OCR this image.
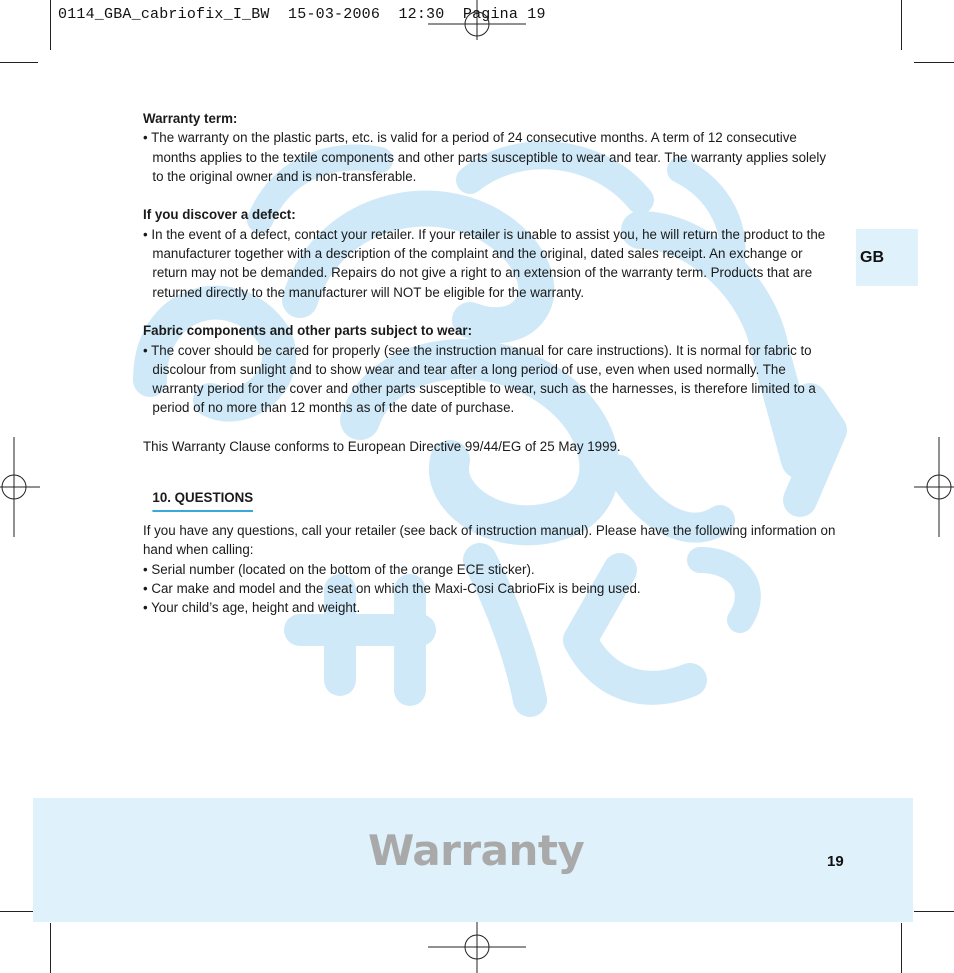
0114_GBA_cabriofix_I_BW  15-03-2006  12:30  Pagina 19
GB

Warranty term:

• The warranty on the plastic parts, etc. is valid for a period of 24 consecutive months. A term of 12 consecutive months applies to the textile components and other parts susceptible to wear and tear. The warranty applies solely to the original owner and is non-transferable.

If you discover a defect:

• In the event of a defect, contact your retailer. If your retailer is unable to assist you, he will return the product to the manufacturer together with a description of the complaint and the original, dated sales receipt. An exchange or return may not be demanded. Repairs do not give a right to an extension of the warranty term. Products that are returned directly to the manufacturer will NOT be eligible for the warranty.

Fabric components and other parts subject to wear:

• The cover should be cared for properly (see the instruction manual for care instructions). It is normal for fabric to discolour from sunlight and to show wear and tear after a long period of use, even when used normally. The warranty period for the cover and other parts susceptible to wear, such as the harnesses, is therefore limited to a period of no more than 12 months as of the date of purchase.

This Warranty Clause conforms to European Directive 99/44/EG of 25 May 1999.

10. QUESTIONS

If you have any questions, call your retailer (see back of instruction manual). Please have the following information on hand when calling:

• Serial number (located on the bottom of the orange ECE sticker).

• Car make and model and the seat on which the Maxi-Cosi CabrioFix is being used.

• Your child’s age, height and weight.

Warranty	19
